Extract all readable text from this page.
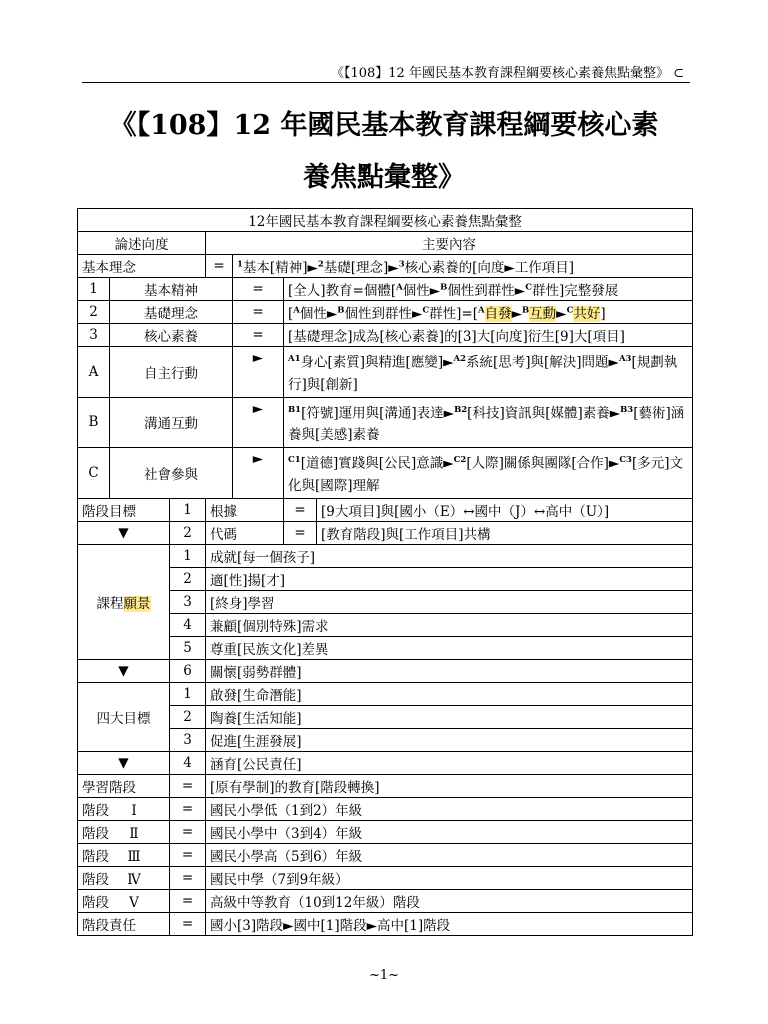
《【108】12 年國民基本教育課程綱要核心素養焦點彙整》 ⊂
《【108】12 年國民基本教育課程綱要核心素
養焦點彙整》
12年國民基本教育課程綱要核心素養焦點彙整						
論述向度			主要內容			
基本理念			=	$^1$基本[精神]►$^2$基礎[理念]►$^3$核心素養的[向度►工作項目]		
1	基本精神			=	[全人]教育=個體[$^A$個性►$^B$個性到群性►$^C$群性]完整發展	
2	基礎理念			=	[$^A$個性►$^B$個性到群性►$^C$群性]=[$^A$自發►$^B$互動►$^C$共好]	
3	核心素養			=	[基礎理念]成為[核心素養]的[3]大[向度]衍生[9]大[項目]	
A	自主行動			►	$^{A1}$身心[素質]與精進[應變]►$^{A2}$系統[思考]與[解決]問題►$^{A3}$[規劃執行]與[創新]	
B	溝通互動			►	$^{B1}$[符號]運用與[溝通]表達►$^{B2}$[科技]資訊與[媒體]素養►$^{B3}$[藝術]涵養與[美感]素養	
C	社會參與			►	$^{C1}$[道德]實踐與[公民]意識►$^{C2}$[人際]關係與團隊[合作]►$^{C3}$[多元]文化與[國際]理解	
階段目標		1	根據		=	[9大項目]與[國小（E）↔國中（J）↔高中（U）]
▼		2	代碼		=	[教育階段]與[工作項目]共構
課程願景		1	成就[每一個孩子]			
		2	適[性]揚[才]			
		3	[終身]學習			
		4	兼顧[個別特殊]需求			
		5	尊重[民族文化]差異			
▼		6	關懷[弱勢群體]			
四大目標		1	啟發[生命潛能]			
		2	陶養[生活知能]			
		3	促進[生涯發展]			
▼		4	涵育[公民責任]			
學習階段		=	[原有學制]的教育[階段轉換]			
階段 Ⅰ		=	國民小學低（1到2）年級			
階段 Ⅱ		=	國民小學中（3到4）年級			
階段 Ⅲ		=	國民小學高（5到6）年級			
階段 Ⅳ		=	國民中學（7到9年級）			
階段 Ⅴ		=	高級中等教育（10到12年級）階段			
階段責任		=	國小[3]階段►國中[1]階段►高中[1]階段			
~1~
